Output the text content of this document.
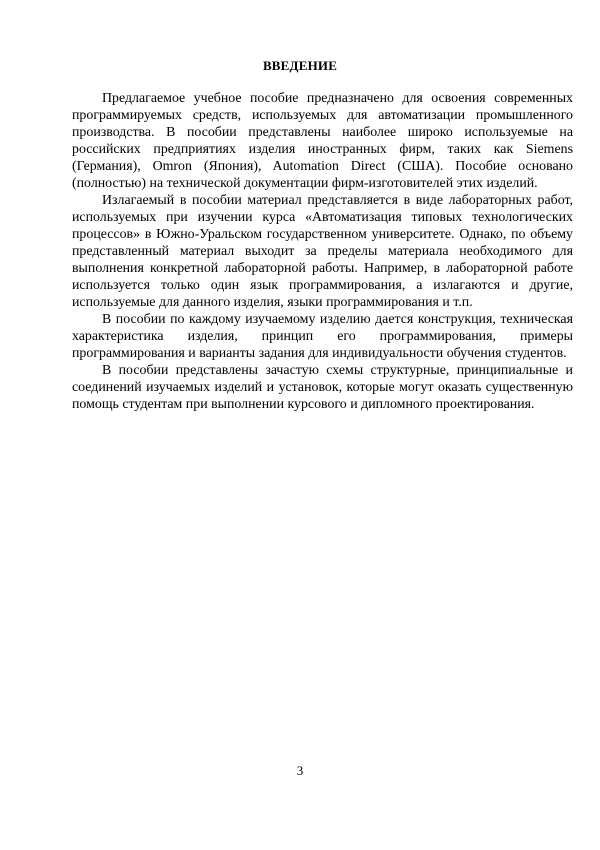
ВВЕДЕНИЕ

Предлагаемое учебное пособие предназначено для освоения современных программируемых средств, используемых для автоматизации промышленного производства. В пособии представлены наиболее широко используемые на российских предприятиях изделия иностранных фирм, таких как Siemens (Германия), Omron (Япония), Automation Direct (США). Пособие основано (полностью) на технической документации фирм-изготовителей этих изделий.

Излагаемый в пособии материал представляется в виде лабораторных работ, используемых при изучении курса «Автоматизация типовых технологических процессов» в Южно-Уральском государственном университете. Однако, по объему представленный материал выходит за пределы материала необходимого для выполнения конкретной лабораторной работы. Например, в лабораторной работе используется только один язык программирования, а излагаются и другие, используемые для данного изделия, языки программирования и т.п.

В пособии по каждому изучаемому изделию дается конструкция, техническая характеристика изделия, принцип его программирования, примеры программирования и варианты задания для индивидуальности обучения студентов.

В пособии представлены зачастую схемы структурные, принципиальные и соединений изучаемых изделий и установок, которые могут оказать существенную помощь студентам при выполнении курсового и дипломного проектирования.

3
